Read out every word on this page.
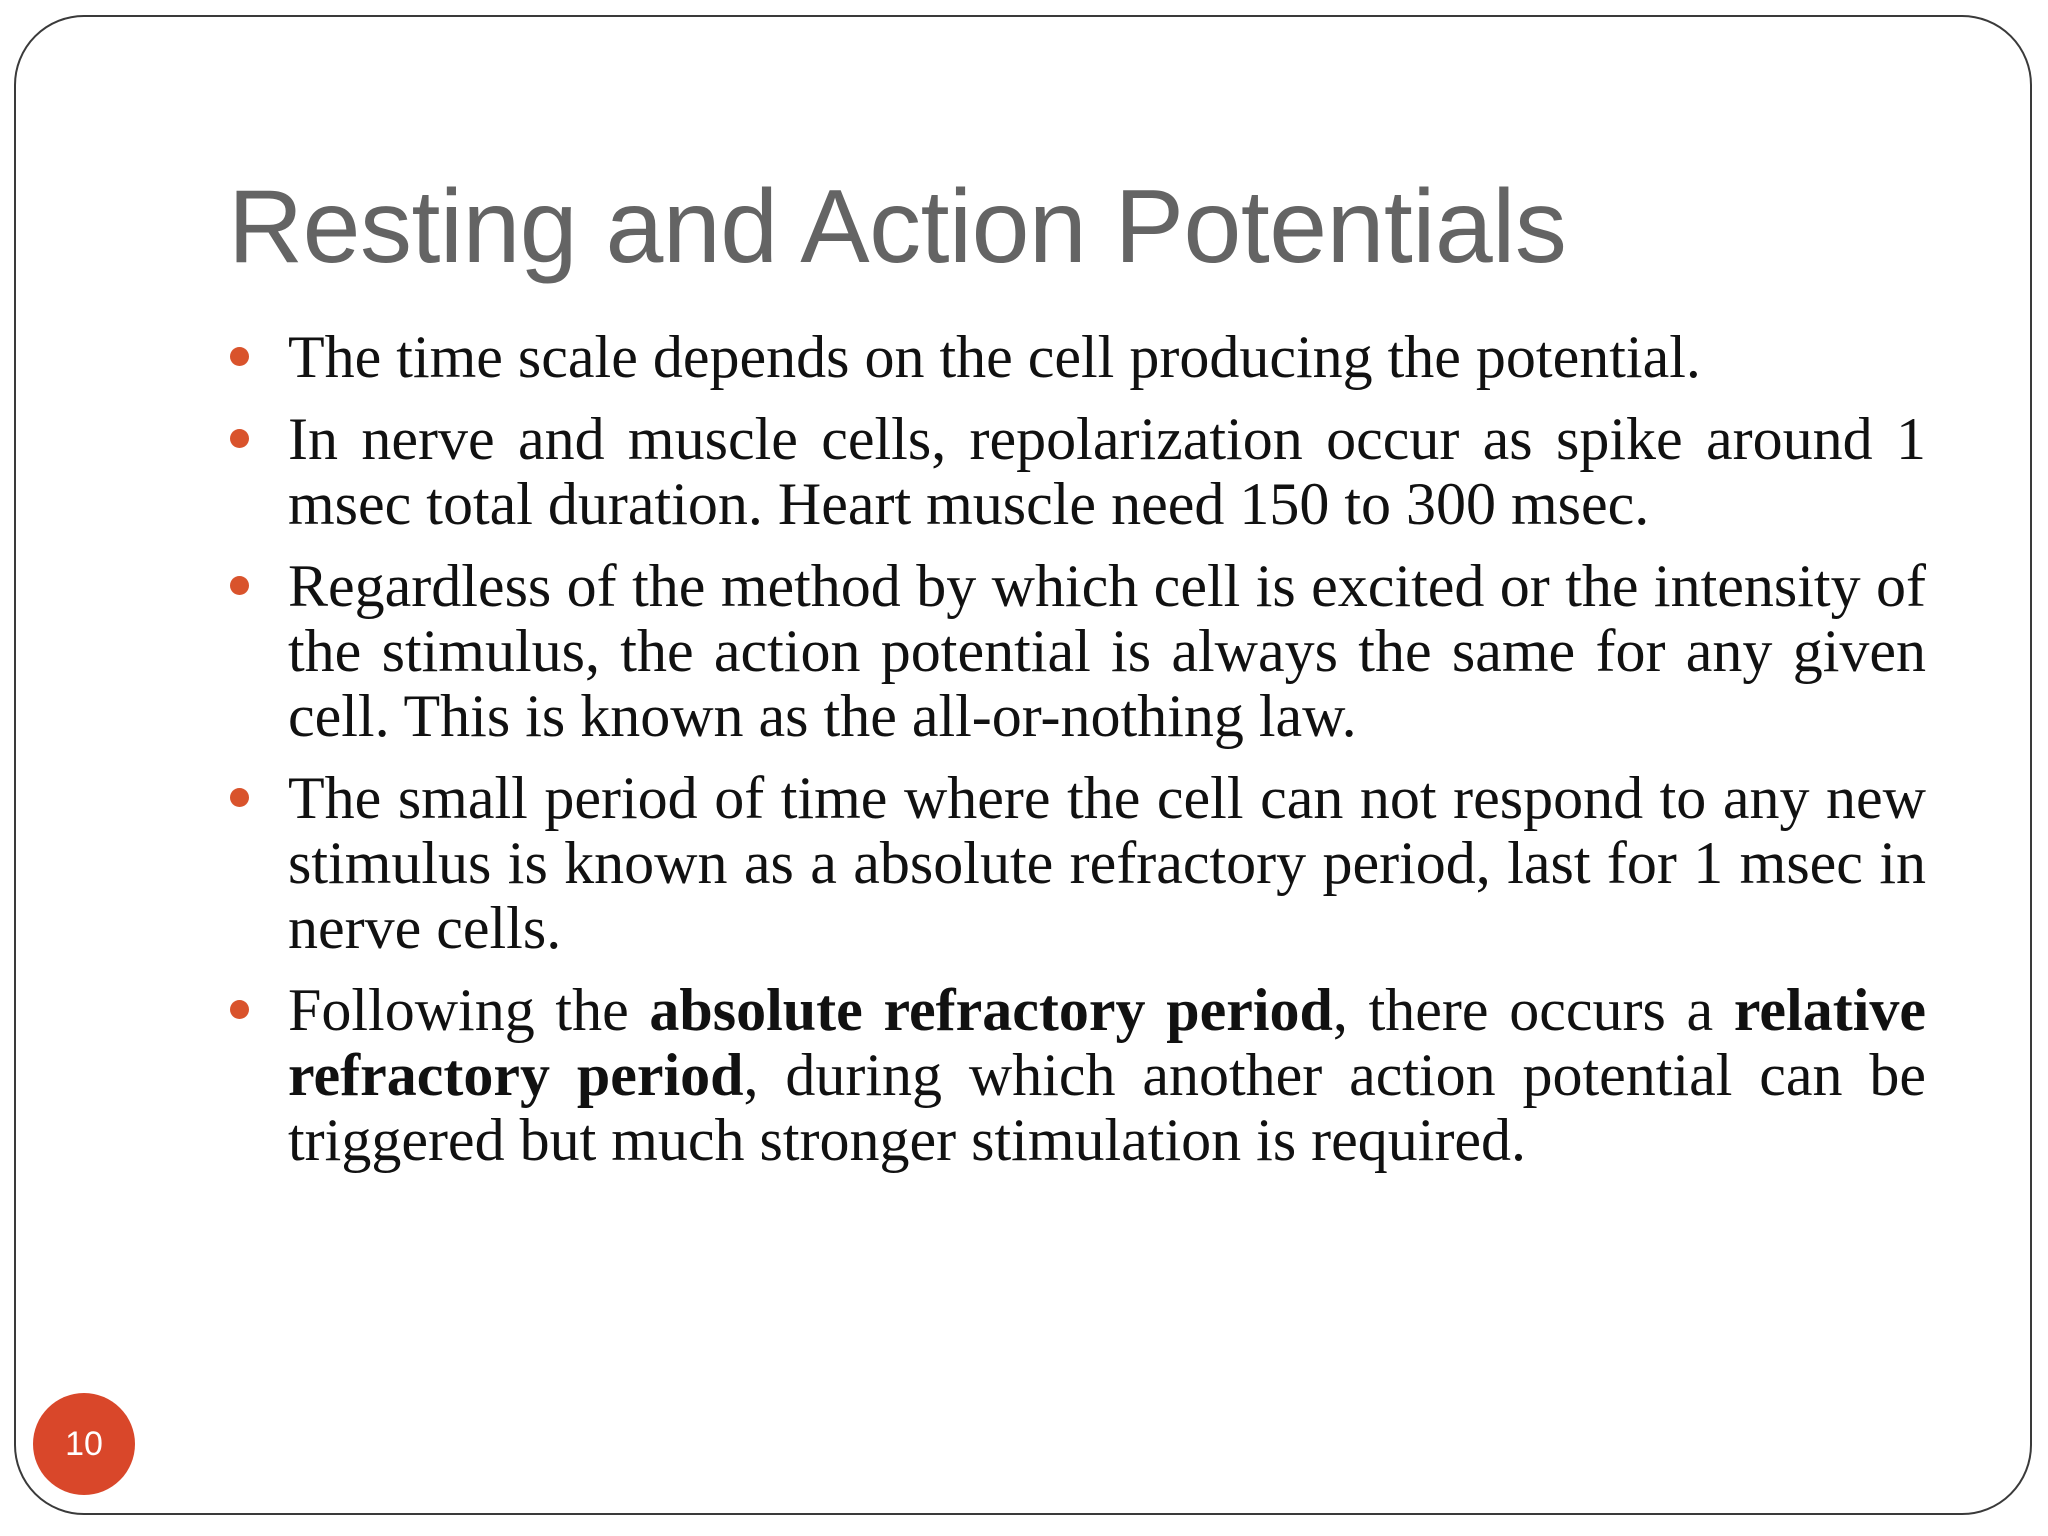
Resting and Action Potentials
The time scale depends on the cell producing the potential.
In nerve and muscle cells, repolarization occur as spike around 1 msec total duration. Heart muscle need 150 to 300 msec.
Regardless of the method by which cell is excited or the intensity of the stimulus, the action potential is always the same for any given cell. This is known as the all-or-nothing law.
The small period of time where the cell can not respond to any new stimulus is known as a absolute refractory period, last for 1 msec in nerve cells.
Following the absolute refractory period, there occurs a relative refractory period, during which another action potential can be triggered but much stronger stimulation is required.
10
